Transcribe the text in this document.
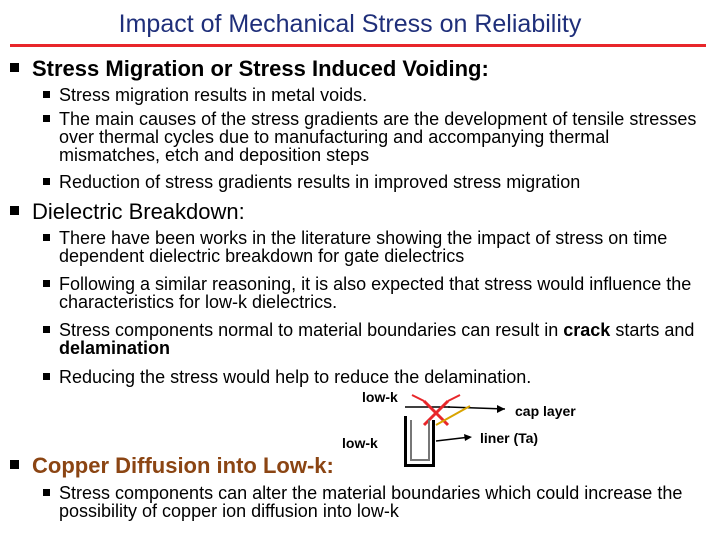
Impact of Mechanical Stress on Reliability
Stress Migration or Stress Induced Voiding:
Stress migration results in metal voids.
The main causes of the stress gradients are the development of tensile stresses over thermal cycles due to manufacturing and accompanying thermal mismatches, etch and deposition steps
Reduction of stress gradients results in improved stress migration
Dielectric Breakdown:
There have been works in the literature showing the impact of stress on time dependent dielectric breakdown for gate dielectrics
Following a similar reasoning, it is also expected that stress would influence the characteristics for low-k dielectrics.
Stress components normal to material boundaries can result in crack starts and delamination
Reducing the stress would help to reduce the delamination.
low-k
low-k
cap layer
liner (Ta)
Copper Diffusion into Low-k:
Stress components can alter the material boundaries which could increase the possibility of copper ion diffusion into low-k
